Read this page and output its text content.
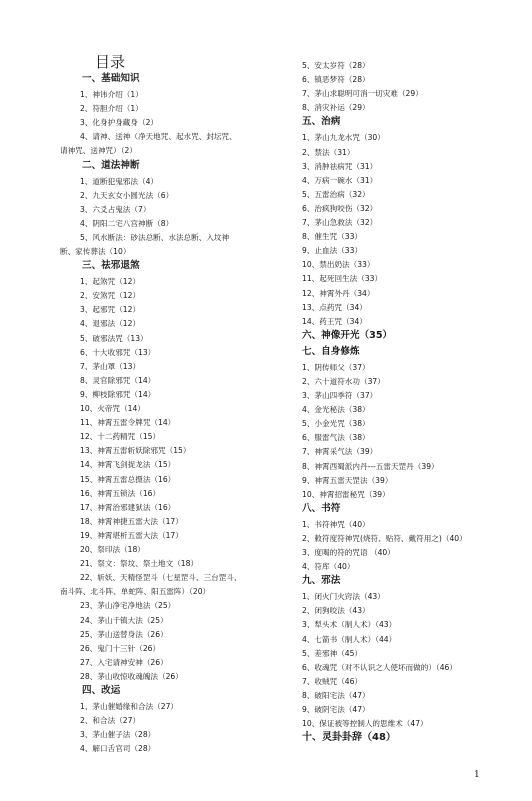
目录
一、基础知识
1、神讳介绍（1）
2、符胆介绍（1）
3、化身护身藏身（2）
4、请神、送神（净天地咒、起水咒、封坛咒、
请神咒、送神咒）（2）
二、道法神断
1、道断犯鬼邪法（4）
2、九天玄女小圆光法（6）
3、六爻占鬼法（7）
4、阴阳二宅八宫神断（8）
5、风水断法：砂法总断、水法总断、入坟神
断、家传葬法（10）
三、祛邪退煞
1、起煞咒（12）
2、安煞咒（12）
3、起邪咒（12）
4、退邪法（12）
5、破邪法咒（13）
6、十大收邪咒（13）
7、茅山罩（13）
8、灵官除邪咒（14）
9、柳枝除邪咒（14）
10、火帝咒（14）
11、神霄五雷令牌咒（14）
12、十二药精咒（15）
13、神霄五雷斩妖除邪咒（15）
14、神霄飞剑捉龙法（15）
15、神霄五雷总摄法（16）
16、神霄五锁法（16）
17、神霄治邪建狱法（16）
18、神霄神捷五雷大法（17）
19、神霄堪析五雷大法（17）
20、祭印法（18）
21、祭文：祭坟、祭土地文（18）
22、斩妖、天精怪罡斗（七星罡斗、三台罡斗、
南斗阵、北斗阵、单蛇阵、阳五雷阵）（20）
23、茅山净宅净地法（25）
24、茅山千镇大法（25）
25、茅山送替身法（26）
26、鬼门十三针（26）
27、入宅请神安神（26）
28、茅山收惊收魂魄法（26）
四、改运
1、茅山催婚缘和合法（27）
2、和合法（27）
3、茅山催子法（28）
4、解口舌官司（28）
5、安太岁符（28）
6、镇恶梦符（28）
7、茅山求聪明可消一切灾难（29）
8、消灾补运（29）
五、治病
1、茅山九龙水咒（30）
2、禁法（31）
3、消肿祛病咒（31）
4、万病一碗水（31）
5、五雷治病（32）
6、治疯狗咬伤（32）
7、茅山急救法（32）
8、催生咒（33）
9、止血法（33）
10、禁出奶法（33）
11、起死回生法（33）
12、神霄外丹（34）
13、点药咒（34）
14、药王咒（34）
六、神像开光（35）
七、自身修炼
1、阴传师父（37）
2、六十道符水功（37）
3、茅山四季符（37）
4、金光秘法（38）
5、小金光咒（38）
6、服雷气法（38）
7、神霄采气法（39）
8、神霄西蜀派内丹---五雷天罡丹（39）
9、神霄五雷天罡法（39）
10、神霄招雷秘咒（39）
八、书符
1、书符神咒（40）
2、敕符度符神咒(烧符、贴符、戴符用之)（40）
3、度喝的符的咒语 （40）
4、符库（40）
九、邪法
1、闭火门火窍法（43）
2、闭狗咬法（43）
3、犁头术（制人术）（43）
4、七箭书（制人术）（44）
5、差邪神（45）
6、收魂咒（对不认识之人使坏而做的）（46）
7、收贼咒（46）
8、破阳宅法（47）
9、破阴宅法（47）
10、保证被等控制人的思维术（47）
十、灵卦卦辞（48）
1
